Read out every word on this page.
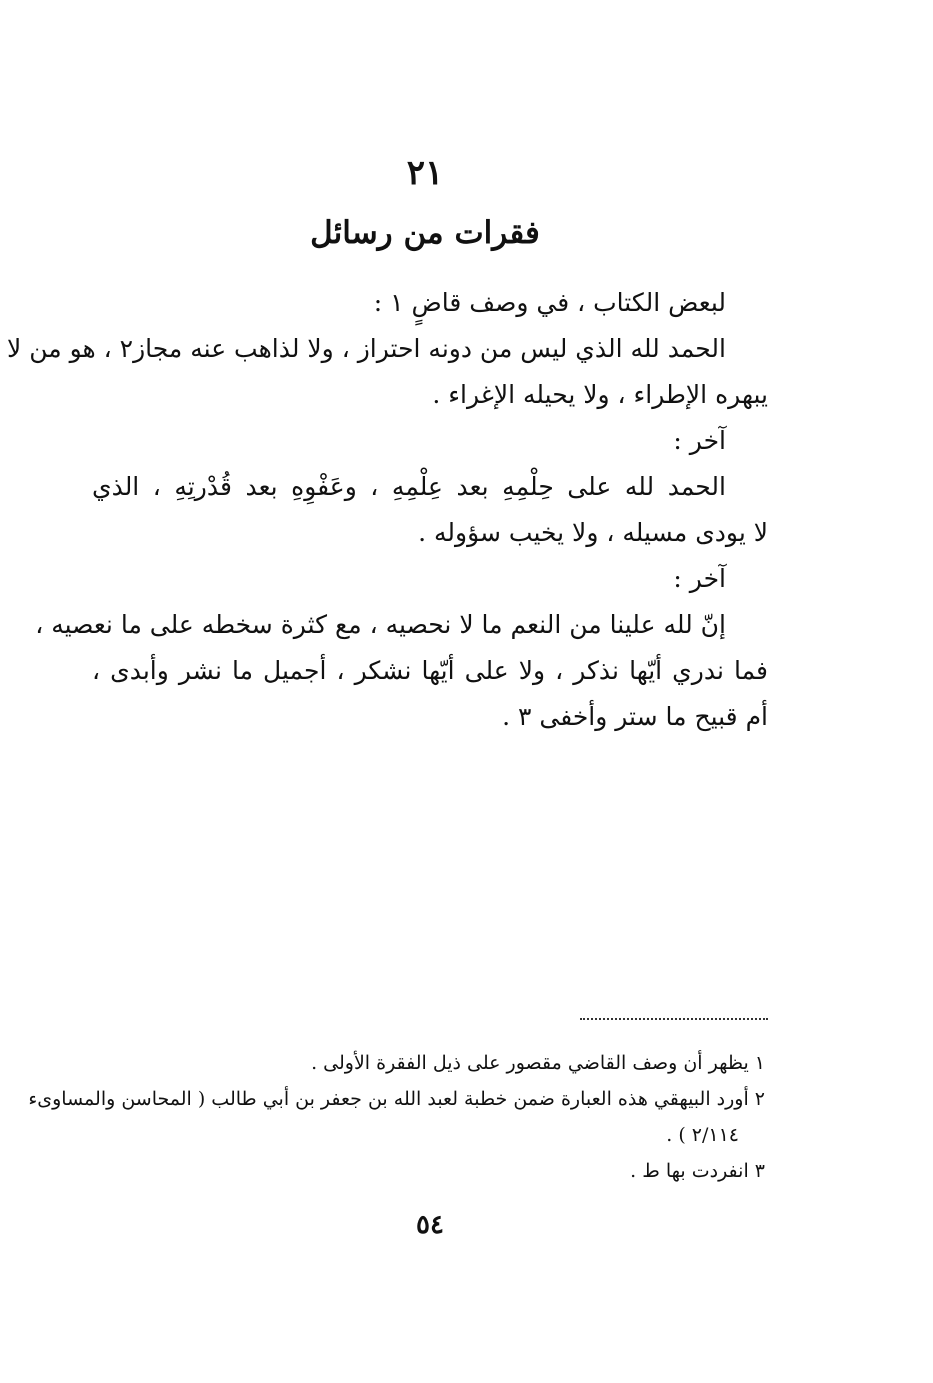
٢١
فقرات من رسائل
لبعض الكتاب ، في وصف قاضٍ ١ :
الحمد لله الذي ليس من دونه احتراز ، ولا لذاهب عنه مجاز٢ ، هو من لا
يبهره الإطراء ، ولا يحيله الإغراء .
آخر :
الحمد لله على حِلْمِهِ بعد عِلْمِهِ ، وعَفْوِهِ بعد قُدْرتِهِ ، الذي
لا يودى مسيله ، ولا يخيب سؤوله .
آخر :
إنّ لله علينا من النعم ما لا نحصيه ، مع كثرة سخطه على ما نعصيه ،
فما ندري أيّها نذكر ، ولا على أيّها نشكر ، أجميل ما نشر وأبدى ،
أم قبيح ما ستر وأخفى ٣ .
١ يظهر أن وصف القاضي مقصور على ذيل الفقرة الأولى .
٢ أورد البيهقي هذه العبارة ضمن خطبة لعبد الله بن جعفر بن أبي طالب ( المحاسن والمساوىء
٢/١١٤ ) .
٣ انفردت بها ط .
٥٤
